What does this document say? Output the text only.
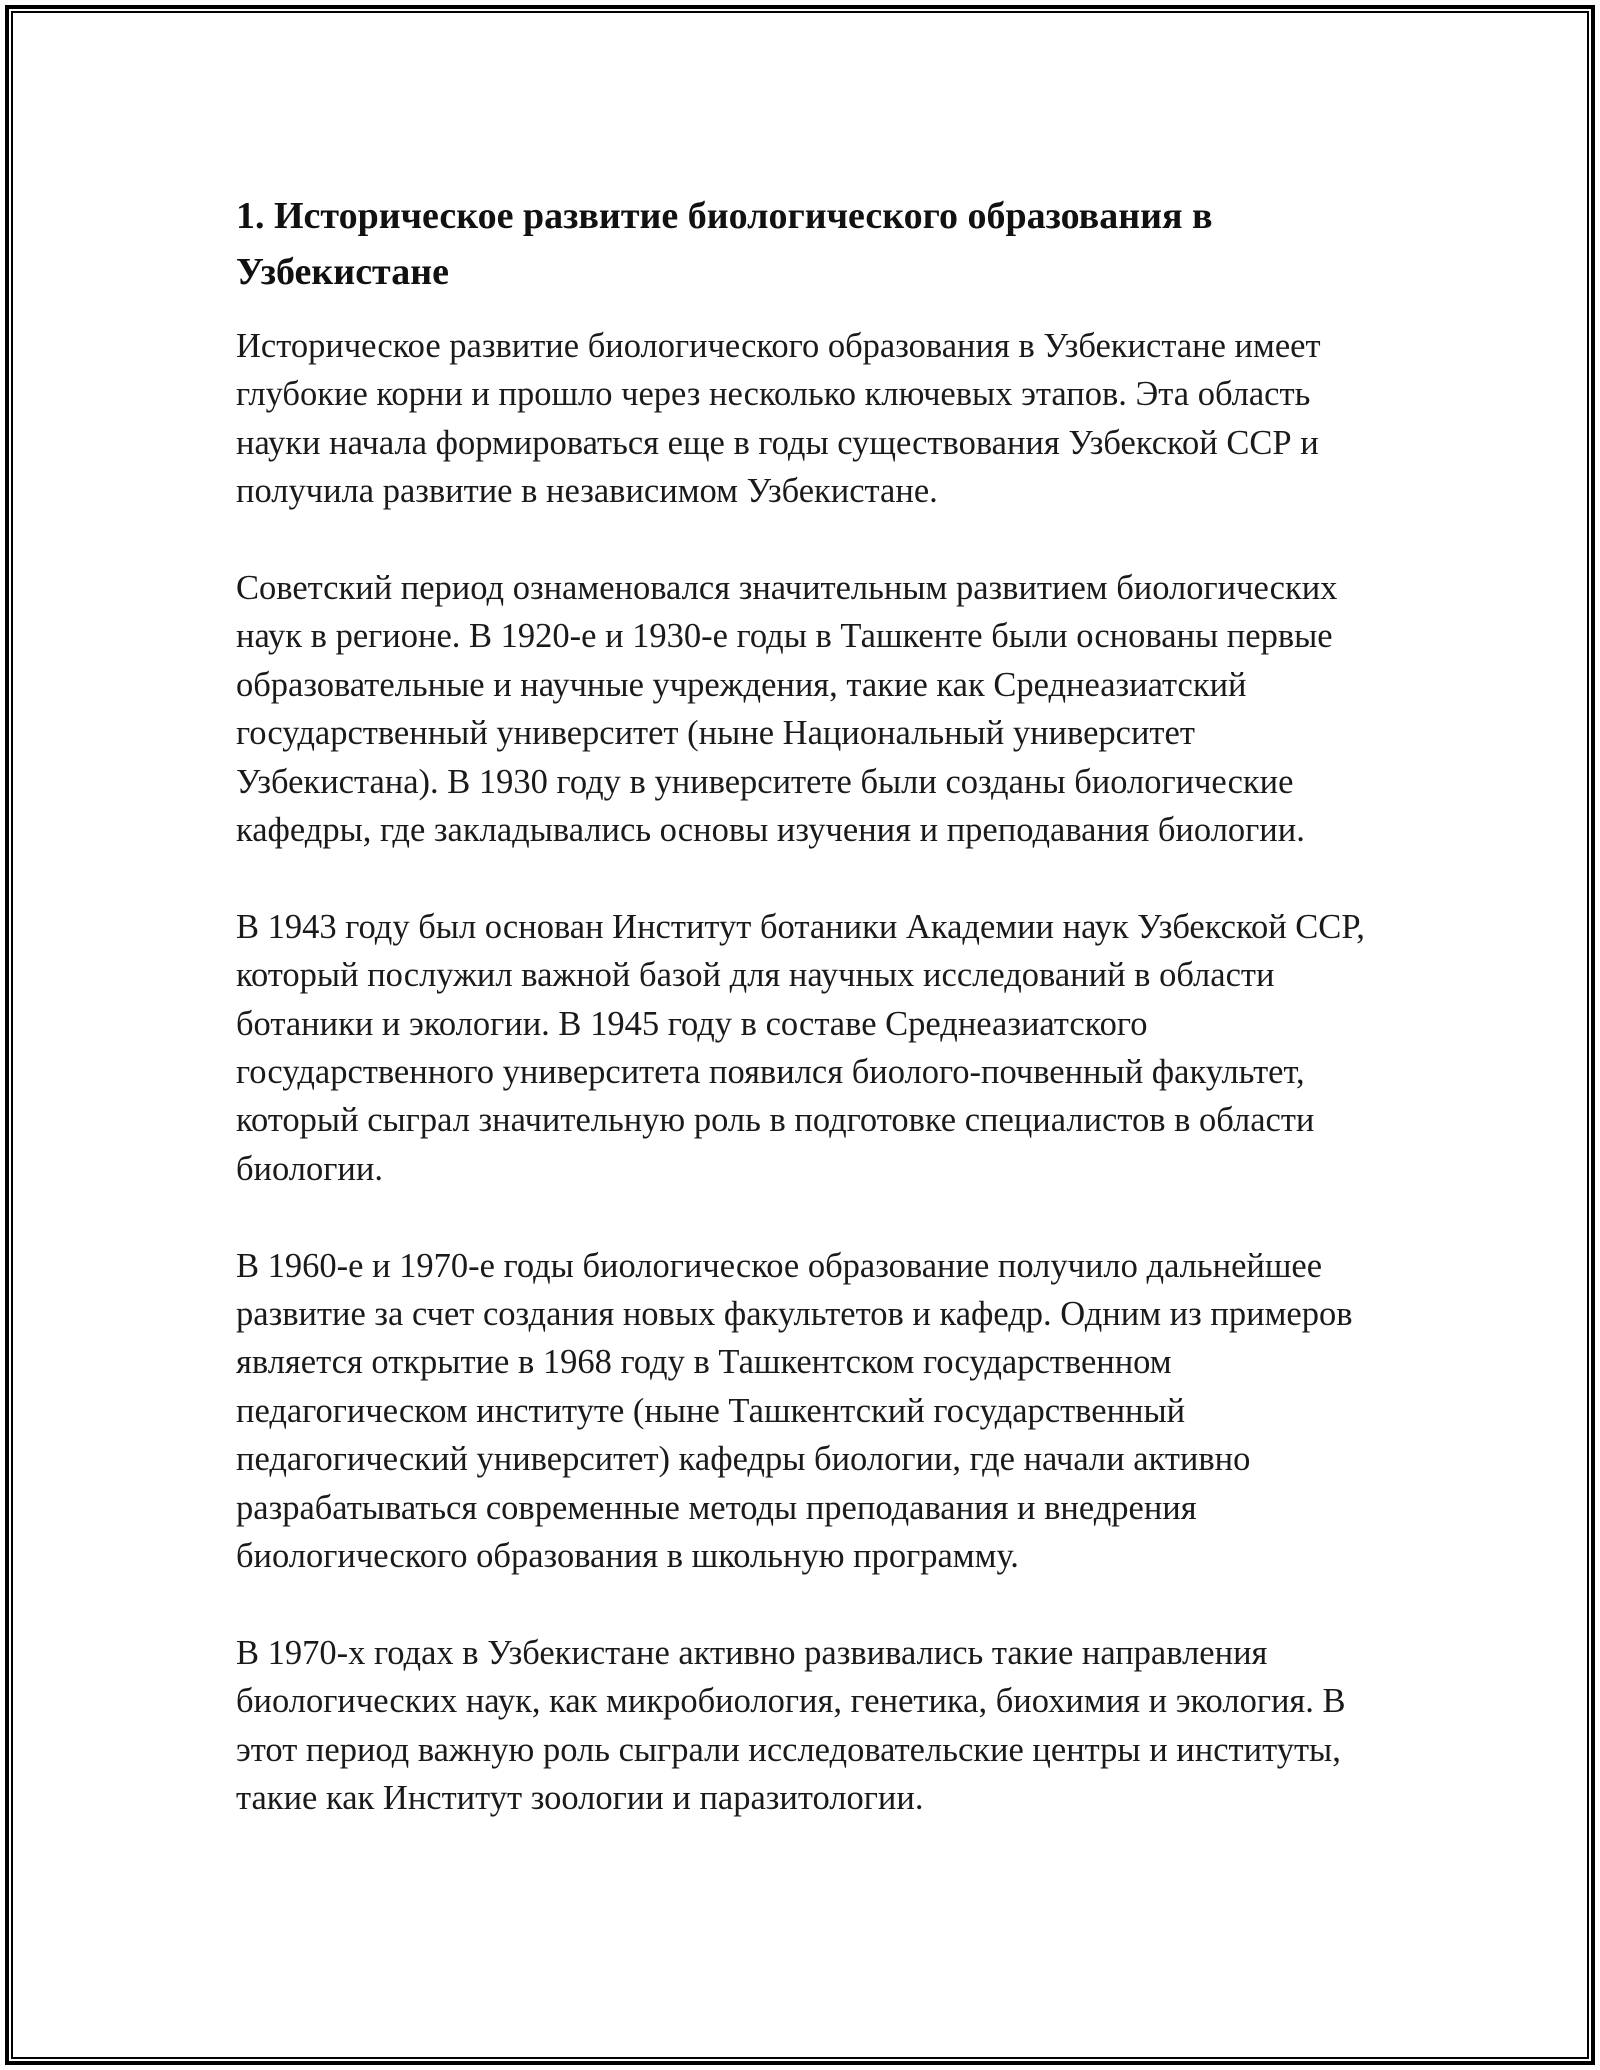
1. Историческое развитие биологического образования в Узбекистане

Историческое развитие биологического образования в Узбекистане имеет глубокие корни и прошло через несколько ключевых этапов. Эта область науки начала формироваться еще в годы существования Узбекской ССР и получила развитие в независимом Узбекистане.

Советский период ознаменовался значительным развитием биологических наук в регионе. В 1920-е и 1930-е годы в Ташкенте были основаны первые образовательные и научные учреждения, такие как Среднеазиатский государственный университет (ныне Национальный университет Узбекистана). В 1930 году в университете были созданы биологические кафедры, где закладывались основы изучения и преподавания биологии.

В 1943 году был основан Институт ботаники Академии наук Узбекской ССР, который послужил важной базой для научных исследований в области ботаники и экологии. В 1945 году в составе Среднеазиатского государственного университета появился биолого-почвенный факультет, который сыграл значительную роль в подготовке специалистов в области биологии.

В 1960-е и 1970-е годы биологическое образование получило дальнейшее развитие за счет создания новых факультетов и кафедр. Одним из примеров является открытие в 1968 году в Ташкентском государственном педагогическом институте (ныне Ташкентский государственный педагогический университет) кафедры биологии, где начали активно разрабатываться современные методы преподавания и внедрения биологического образования в школьную программу.

В 1970-х годах в Узбекистане активно развивались такие направления биологических наук, как микробиология, генетика, биохимия и экология. В этот период важную роль сыграли исследовательские центры и институты, такие как Институт зоологии и паразитологии.
